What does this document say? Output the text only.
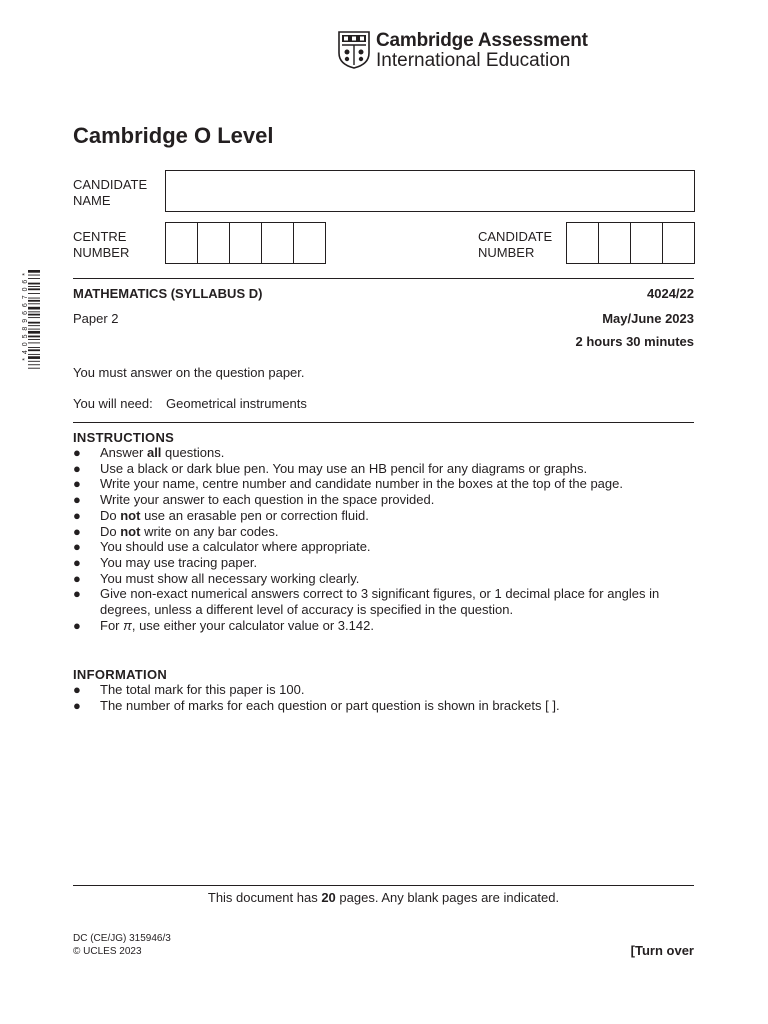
Cambridge Assessment
International Education
* 4 0 5 8 9 6 6 7 0 6 *
Cambridge O Level
CANDIDATE
NAME
CENTRE
NUMBER
CANDIDATE
NUMBER
MATHEMATICS (SYLLABUS D)	4024/22
Paper 2	May/June 2023
2 hours 30 minutes
You must answer on the question paper.
You will need: Geometrical instruments
INSTRUCTIONS
● Answer all questions.
● Use a black or dark blue pen. You may use an HB pencil for any diagrams or graphs.
● Write your name, centre number and candidate number in the boxes at the top of the page.
● Write your answer to each question in the space provided.
● Do not use an erasable pen or correction fluid.
● Do not write on any bar codes.
● You should use a calculator where appropriate.
● You may use tracing paper.
● You must show all necessary working clearly.
● Give non-exact numerical answers correct to 3 significant figures, or 1 decimal place for angles in degrees, unless a different level of accuracy is specified in the question.
● For π, use either your calculator value or 3.142.
INFORMATION
● The total mark for this paper is 100.
● The number of marks for each question or part question is shown in brackets [ ].
This document has 20 pages. Any blank pages are indicated.
DC (CE/JG) 315946/3
© UCLES 2023	[Turn over
